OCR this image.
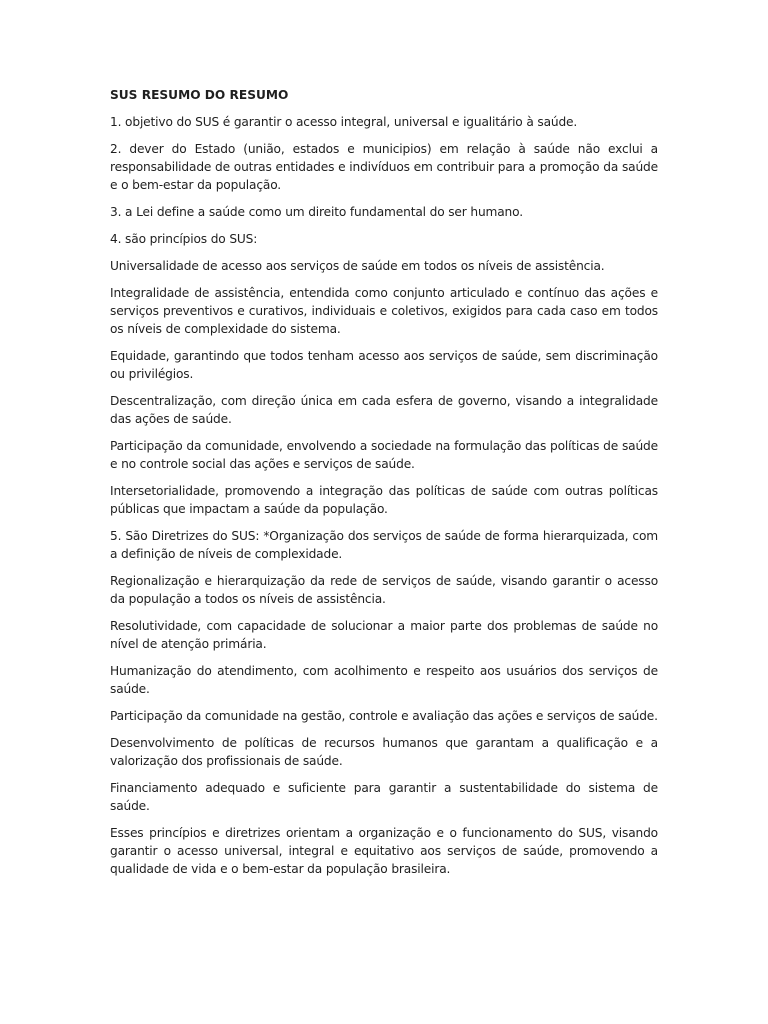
SUS RESUMO DO RESUMO

1. objetivo do SUS é garantir o acesso integral, universal e igualitário à saúde.

2. dever do Estado (união, estados e municipios) em relação à saúde não exclui a responsabilidade de outras entidades e indivíduos em contribuir para a promoção da saúde e o bem-estar da população.

3. a Lei define a saúde como um direito fundamental do ser humano.

4. são princípios do SUS:

Universalidade de acesso aos serviços de saúde em todos os níveis de assistência.

Integralidade de assistência, entendida como conjunto articulado e contínuo das ações e serviços preventivos e curativos, individuais e coletivos, exigidos para cada caso em todos os níveis de complexidade do sistema.

Equidade, garantindo que todos tenham acesso aos serviços de saúde, sem discriminação ou privilégios.

Descentralização, com direção única em cada esfera de governo, visando a integralidade das ações de saúde.

Participação da comunidade, envolvendo a sociedade na formulação das políticas de saúde e no controle social das ações e serviços de saúde.

Intersetorialidade, promovendo a integração das políticas de saúde com outras políticas públicas que impactam a saúde da população.

5. São Diretrizes do SUS: *Organização dos serviços de saúde de forma hierarquizada, com a definição de níveis de complexidade.

Regionalização e hierarquização da rede de serviços de saúde, visando garantir o acesso da população a todos os níveis de assistência.

Resolutividade, com capacidade de solucionar a maior parte dos problemas de saúde no nível de atenção primária.

Humanização do atendimento, com acolhimento e respeito aos usuários dos serviços de saúde.

Participação da comunidade na gestão, controle e avaliação das ações e serviços de saúde.

Desenvolvimento de políticas de recursos humanos que garantam a qualificação e a valorização dos profissionais de saúde.

Financiamento adequado e suficiente para garantir a sustentabilidade do sistema de saúde.

Esses princípios e diretrizes orientam a organização e o funcionamento do SUS, visando garantir o acesso universal, integral e equitativo aos serviços de saúde, promovendo a qualidade de vida e o bem-estar da população brasileira.
